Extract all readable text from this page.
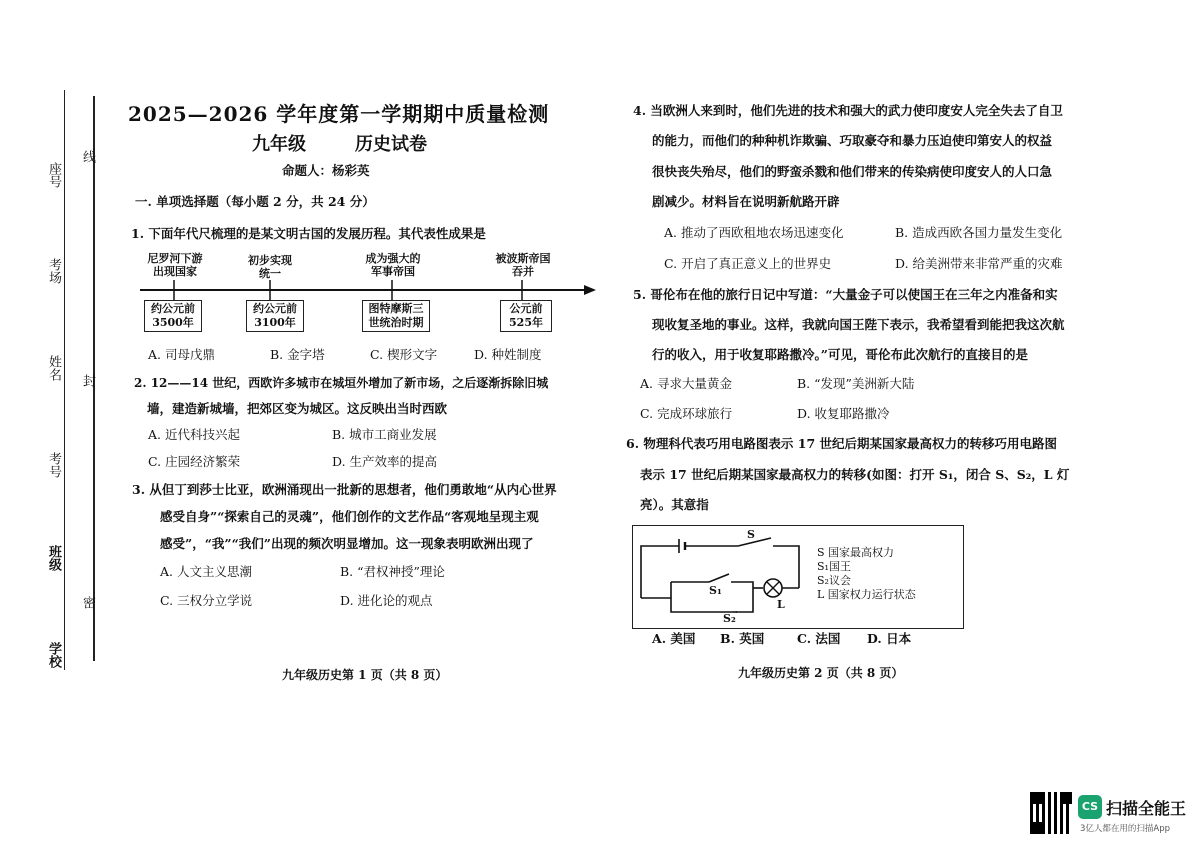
座号
考场
姓名
考号
班级
学校
线
封
密
2025—2026 学年度第一学期期中质量检测
九年级	历史试卷
命题人：杨彩英
一. 单项选择题（每小题 2 分，共 24 分）
1. 下面年代尺梳理的是某文明古国的发展历程。其代表性成果是
尼罗河下游
出现国家
初步实现
统一
成为强大的
军事帝国
被波斯帝国
吞并
约公元前
3500年
约公元前
3100年
图特摩斯三
世统治时期
公元前
525年
A. 司母戊鼎	B. 金字塔	C. 楔形文字	D. 种姓制度
2. 12——14 世纪，西欧许多城市在城垣外增加了新市场，之后逐渐拆除旧城
墙，建造新城墙，把郊区变为城区。这反映出当时西欧
A. 近代科技兴起	B. 城市工商业发展
C. 庄园经济繁荣	D. 生产效率的提高
3. 从但丁到莎士比亚，欧洲涌现出一批新的思想者，他们勇敢地“从内心世界
感受自身”“探索自己的灵魂”，他们创作的文艺作品“客观地呈现主观
感受”，“我”“我们”出现的频次明显增加。这一现象表明欧洲出现了
A. 人文主义思潮	B. “君权神授”理论
C. 三权分立学说	D. 进化论的观点
九年级历史第 1 页（共 8 页）
4. 当欧洲人来到时，他们先进的技术和强大的武力使印度安人完全失去了自卫
的能力，而他们的种种机诈欺骗、巧取豪夺和暴力压迫使印第安人的权益
很快丧失殆尽，他们的野蛮杀戮和他们带来的传染病使印度安人的人口急
剧减少。材料旨在说明新航路开辟
A. 推动了西欧租地农场迅速变化	B. 造成西欧各国力量发生变化
C. 开启了真正意义上的世界史	D. 给美洲带来非常严重的灾难
5. 哥伦布在他的旅行日记中写道：“大量金子可以使国王在三年之内准备和实
现收复圣地的事业。这样，我就向国王陛下表示，我希望看到能把我这次航
行的收入，用于收复耶路撒冷。”可见，哥伦布此次航行的直接目的是
A. 寻求大量黄金	B. “发现”美洲新大陆
C. 完成环球旅行	D. 收复耶路撒冷
6. 物理科代表巧用电路图表示 17 世纪后期某国家最高权力的转移巧用电路图
表示 17 世纪后期某国家最高权力的转移(如图：打开 S₁，闭合 S、S₂，L 灯
亮）。其意指
S
S₁
S₂
L
S 国家最高权力
S₁国王
S₂议会
L 国家权力运行状态
A. 美国 B. 英国	C. 法国 D. 日本
九年级历史第 2 页（共 8 页）
CS 扫描全能王
3亿人都在用的扫描App
